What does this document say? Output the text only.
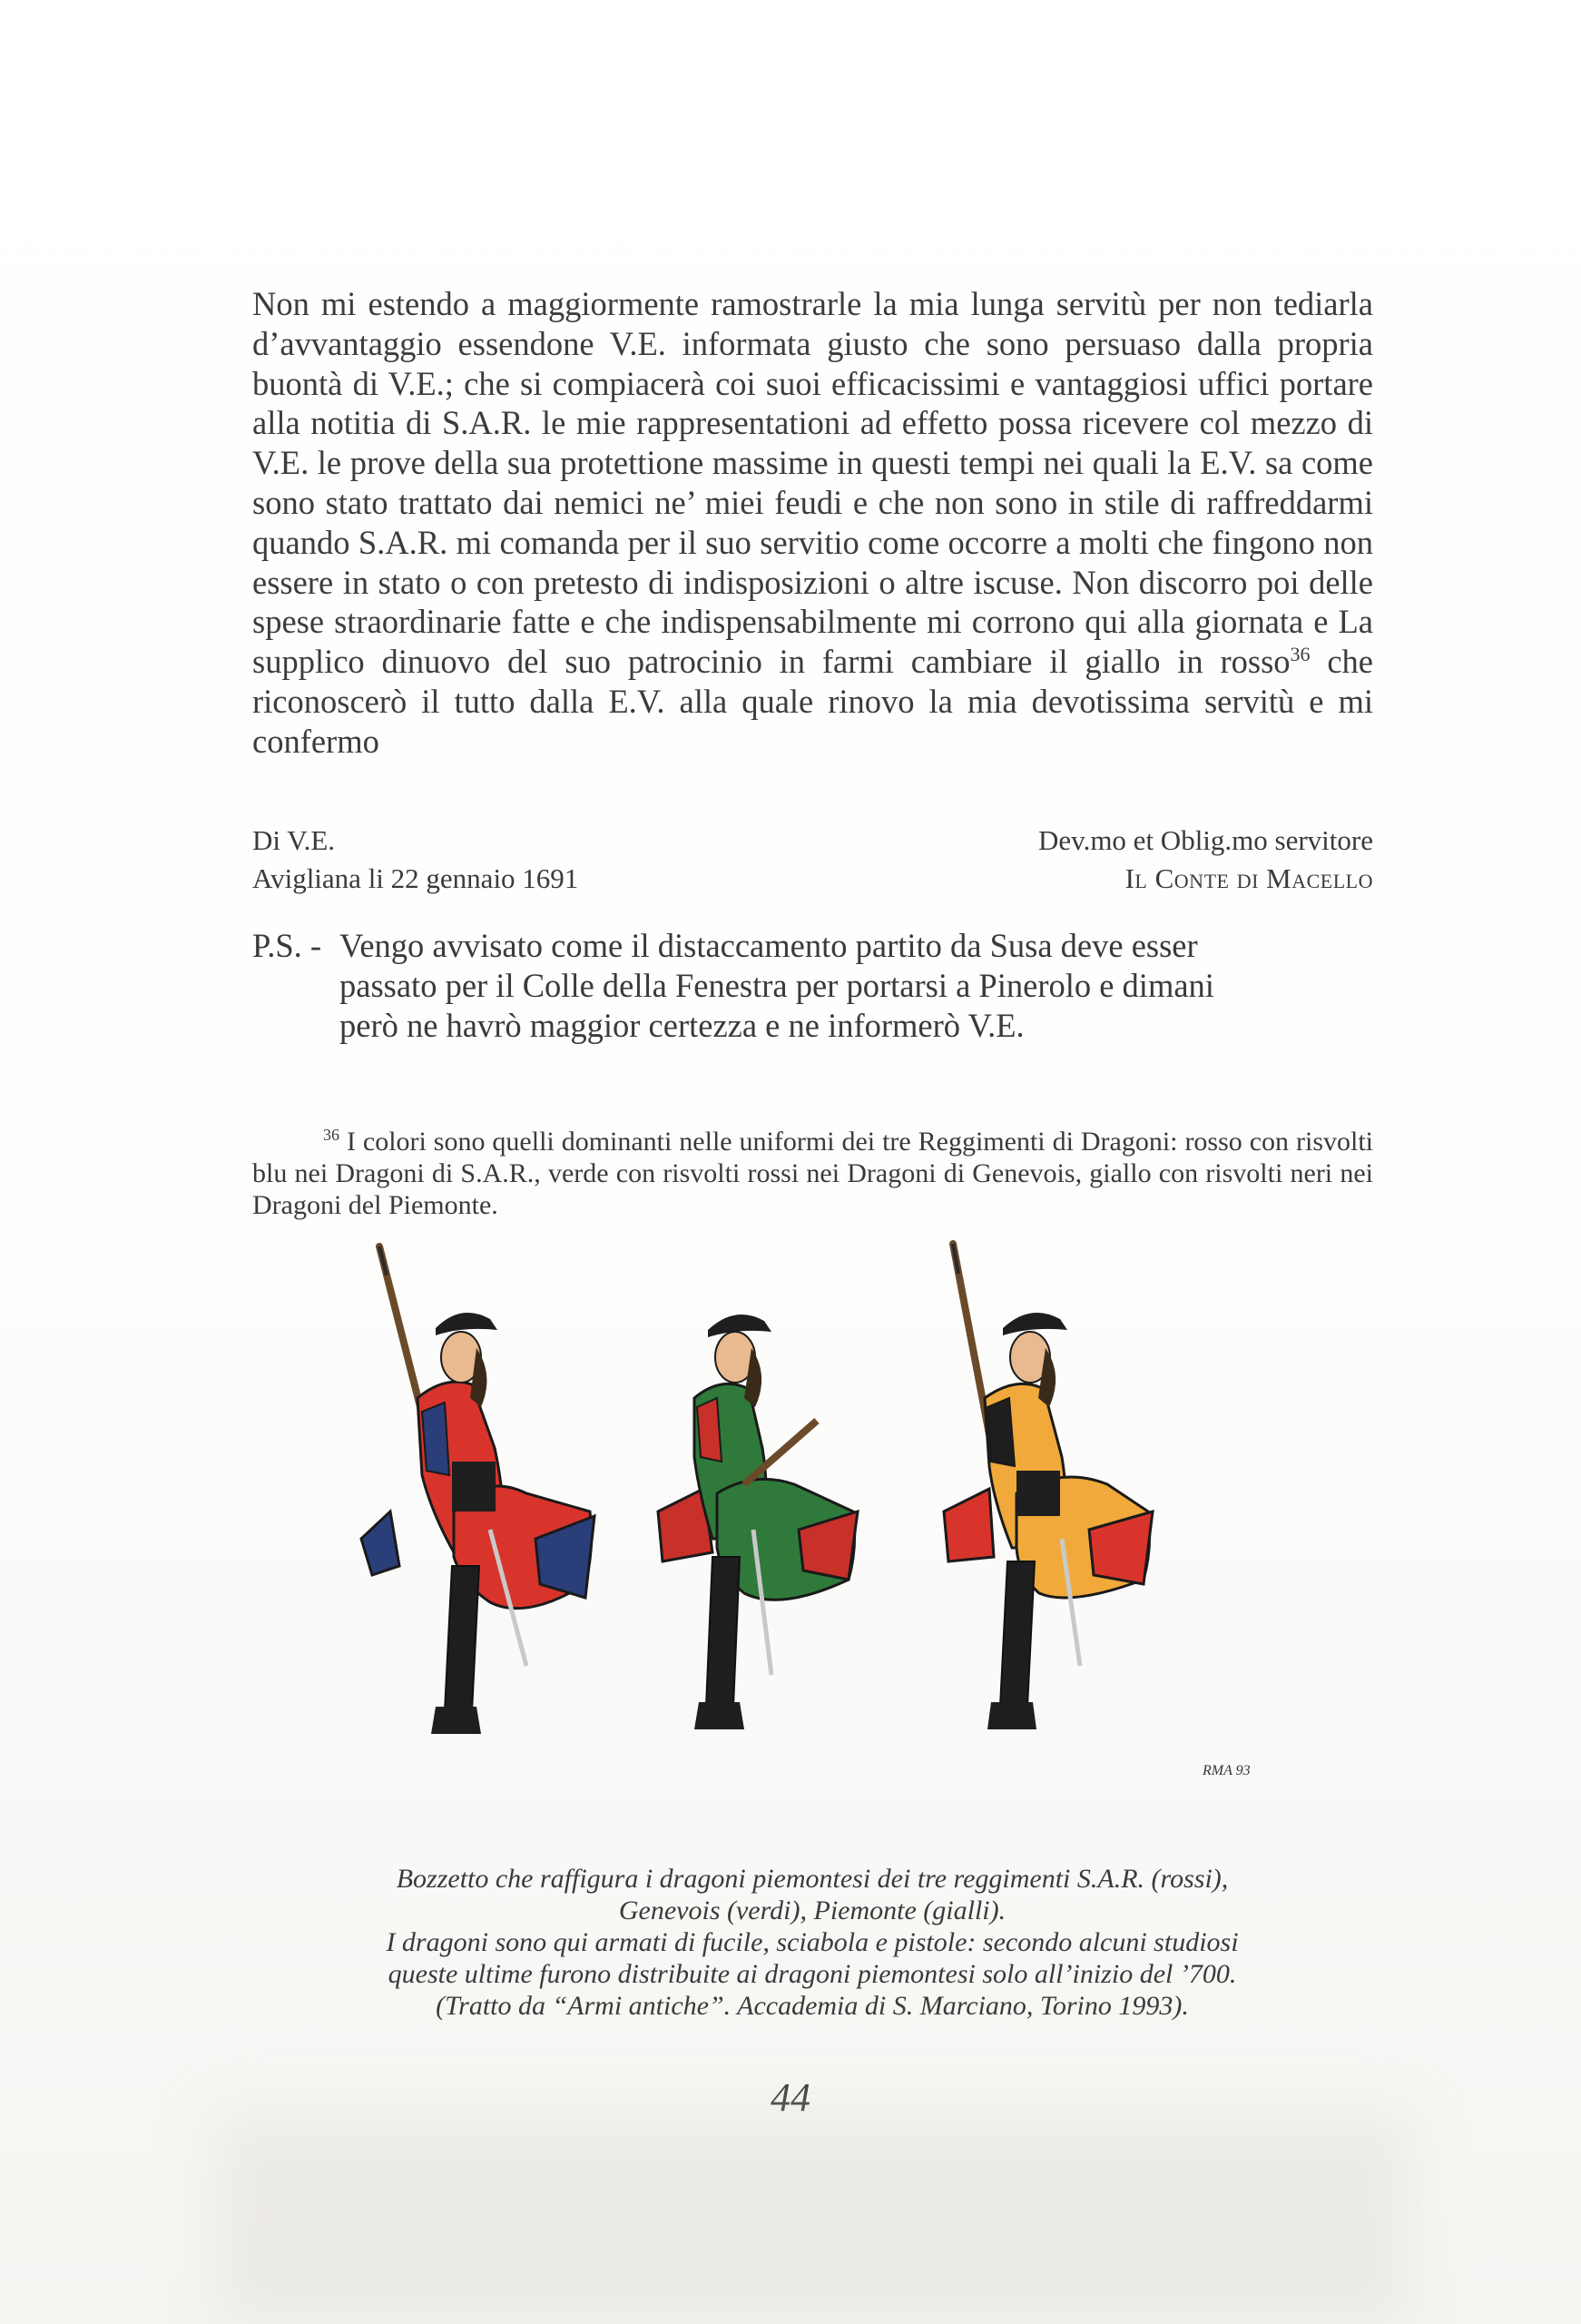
Non mi estendo a maggiormente ramostrarle la mia lunga servitù per non tediarla d’avvantaggio essendone V.E. informata giusto che sono persuaso dalla propria buontà di V.E.; che si compiacerà coi suoi efficacissimi e vantaggiosi uffici portare alla notitia di S.A.R. le mie rappresentationi ad effetto possa ricevere col mezzo di V.E. le prove della sua protettione massime in questi tempi nei quali la E.V. sa come sono stato trattato dai nemici ne’ miei feudi e che non sono in stile di raffreddarmi quando S.A.R. mi comanda per il suo servitio come occorre a molti che fingono non essere in stato o con pretesto di indisposizioni o altre iscuse. Non discorro poi delle spese straordinarie fatte e che indispensabilmente mi corrono qui alla giornata e La supplico dinuovo del suo patrocinio in farmi cambiare il giallo in rosso$^{36}$ che riconoscerò il tutto dalla E.V. alla quale rinovo la mia devotissima servitù e mi confermo
Di V.E.
Avigliana li 22 gennaio 1691
Dev.mo et Oblig.mo servitore
Il Conte di Macello
P.S. - Vengo avvisato come il distaccamento partito da Susa deve esser
passato per il Colle della Fenestra per portarsi a Pinerolo e dimani
però ne havrò maggior certezza e ne informerò V.E.
$^{36}$ I colori sono quelli dominanti nelle uniformi dei tre Reggimenti di Dragoni: rosso con risvolti blu nei Dragoni di S.A.R., verde con risvolti rossi nei Dragoni di Genevois, giallo con risvolti neri nei Dragoni del Piemonte.
RMA 93
Bozzetto che raffigura i dragoni piemontesi dei tre reggimenti S.A.R. (rossi),
Genevois (verdi), Piemonte (gialli).
I dragoni sono qui armati di fucile, sciabola e pistole: secondo alcuni studiosi
queste ultime furono distribuite ai dragoni piemontesi solo all’inizio del ’700.
(Tratto da “Armi antiche”. Accademia di S. Marciano, Torino 1993).
44
